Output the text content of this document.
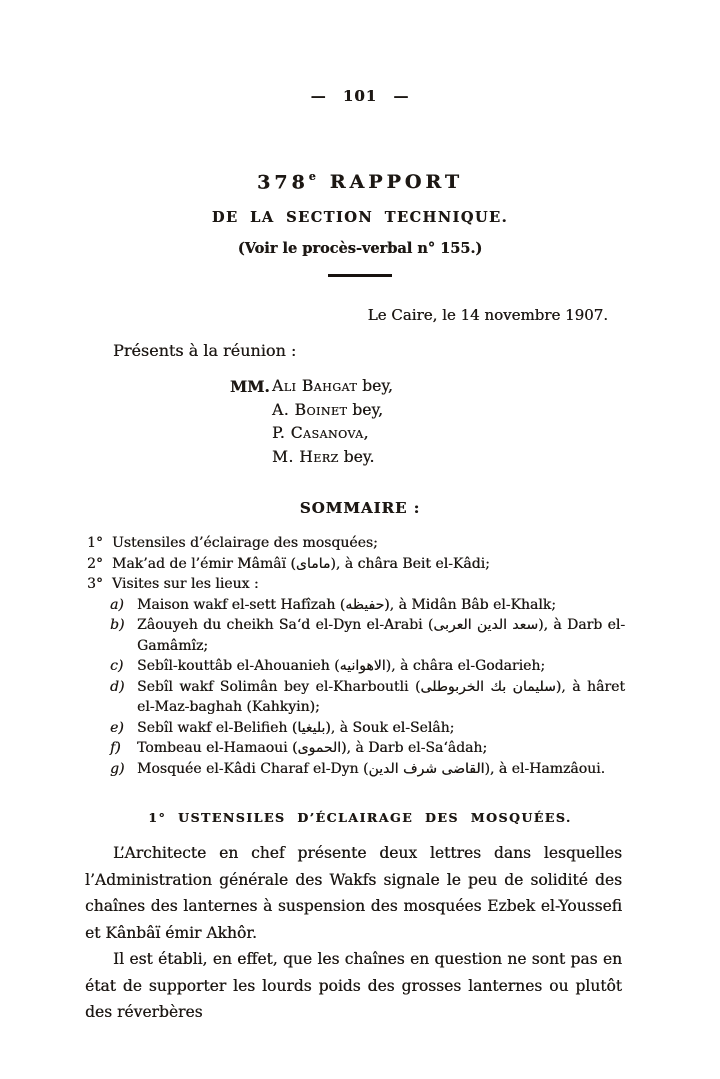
— 101 —
378e RAPPORT
DE LA SECTION TECHNIQUE.
(Voir le procès-verbal n° 155.)
Le Caire, le 14 novembre 1907.
Présents à la réunion :
MM. Ali Bahgat bey,
A. Boinet bey,
P. Casanova ,
M. Herz bey.
SOMMAIRE :
1° Ustensiles d’éclairage des mosquées;
2° Mak’ad de l’émir Mâmâï (ماماى), à châra Beit el-Kâdi;
3° Visites sur les lieux :
a) Maison wakf el-sett Hafîzah (حفيظه), à Midân Bâb el-Khalk;
b) Zâouyeh du cheikh Sa‘d el-Dyn el-Arabi (سعد الدين العربى), à Darb el-Gamâmîz;
c) Sebîl-kouttâb el-Ahouanieh (الاهوانيه), à châra el-Godarieh;
d) Sebîl wakf Solimân bey el-Kharboutli (سليمان بك الخربوطلى), à hâret el-Maz-baghah (Kahkyin);
e) Sebîl wakf el-Belifieh (بليغيا), à Souk el-Selâh;
f) Tombeau el-Hamaoui (الحموى), à Darb el-Sa‘âdah;
g) Mosquée el-Kâdi Charaf el-Dyn (القاضى شرف الدين), à el-Hamzâoui.
1° USTENSILES D’ÉCLAIRAGE DES MOSQUÉES.

L’Architecte en chef présente deux lettres dans lesquelles l’Administration générale des Wakfs signale le peu de solidité des chaînes des lanternes à suspension des mosquées Ezbek el-Youssefi et Kânbâï émir Akhôr.

Il est établi, en effet, que les chaînes en question ne sont pas en état de supporter les lourds poids des grosses lanternes ou plutôt des réverbères
